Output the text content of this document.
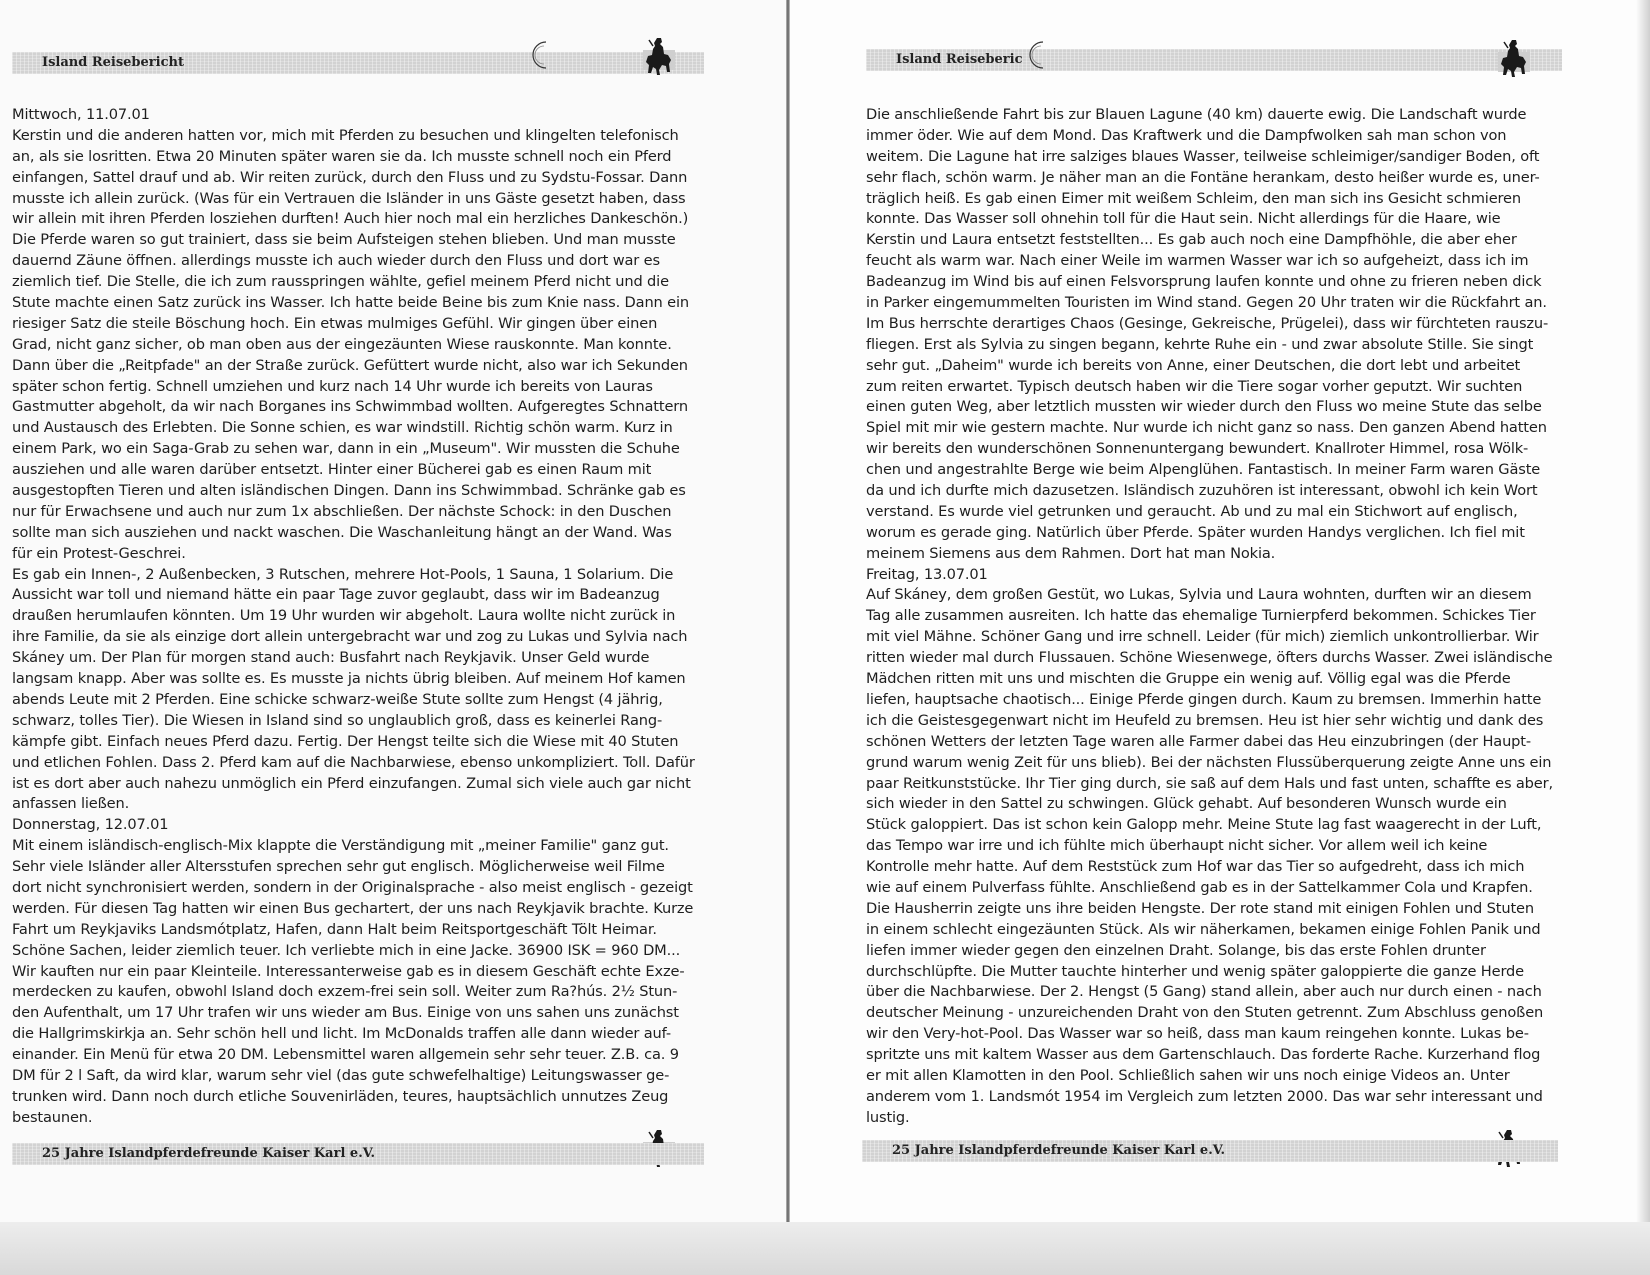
Island Reisebericht	Island Reiseberic
Mittwoch, 11.07.01
Kerstin und die anderen hatten vor, mich mit Pferden zu besuchen und klingelten telefonisch
an, als sie losritten. Etwa 20 Minuten später waren sie da. Ich musste schnell noch ein Pferd
einfangen, Sattel drauf und ab. Wir reiten zurück, durch den Fluss und zu Sydstu-Fossar. Dann
musste ich allein zurück. (Was für ein Vertrauen die Isländer in uns Gäste gesetzt haben, dass
wir allein mit ihren Pferden losziehen durften! Auch hier noch mal ein herzliches Dankeschön.)
Die Pferde waren so gut trainiert, dass sie beim Aufsteigen stehen blieben. Und man musste
dauernd Zäune öffnen. allerdings musste ich auch wieder durch den Fluss und dort war es
ziemlich tief. Die Stelle, die ich zum rausspringen wählte, gefiel meinem Pferd nicht und die
Stute machte einen Satz zurück ins Wasser. Ich hatte beide Beine bis zum Knie nass. Dann ein
riesiger Satz die steile Böschung hoch. Ein etwas mulmiges Gefühl. Wir gingen über einen
Grad, nicht ganz sicher, ob man oben aus der eingezäunten Wiese rauskonnte. Man konnte.
Dann über die „Reitpfade" an der Straße zurück. Gefüttert wurde nicht, also war ich Sekunden
später schon fertig. Schnell umziehen und kurz nach 14 Uhr wurde ich bereits von Lauras
Gastmutter abgeholt, da wir nach Borganes ins Schwimmbad wollten. Aufgeregtes Schnattern
und Austausch des Erlebten. Die Sonne schien, es war windstill. Richtig schön warm. Kurz in
einem Park, wo ein Saga-Grab zu sehen war, dann in ein „Museum". Wir mussten die Schuhe
ausziehen und alle waren darüber entsetzt. Hinter einer Bücherei gab es einen Raum mit
ausgestopften Tieren und alten isländischen Dingen. Dann ins Schwimmbad. Schränke gab es
nur für Erwachsene und auch nur zum 1x abschließen. Der nächste Schock: in den Duschen
sollte man sich ausziehen und nackt waschen. Die Waschanleitung hängt an der Wand. Was
für ein Protest-Geschrei.
Es gab ein Innen-, 2 Außenbecken, 3 Rutschen, mehrere Hot-Pools, 1 Sauna, 1 Solarium. Die
Aussicht war toll und niemand hätte ein paar Tage zuvor geglaubt, dass wir im Badeanzug
draußen herumlaufen könnten. Um 19 Uhr wurden wir abgeholt. Laura wollte nicht zurück in
ihre Familie, da sie als einzige dort allein untergebracht war und zog zu Lukas und Sylvia nach
Skáney um. Der Plan für morgen stand auch: Busfahrt nach Reykjavik. Unser Geld wurde
langsam knapp. Aber was sollte es. Es musste ja nichts übrig bleiben. Auf meinem Hof kamen
abends Leute mit 2 Pferden. Eine schicke schwarz-weiße Stute sollte zum Hengst (4 jährig,
schwarz, tolles Tier). Die Wiesen in Island sind so unglaublich groß, dass es keinerlei Rang-
kämpfe gibt. Einfach neues Pferd dazu. Fertig. Der Hengst teilte sich die Wiese mit 40 Stuten
und etlichen Fohlen. Dass 2. Pferd kam auf die Nachbarwiese, ebenso unkompliziert. Toll. Dafür
ist es dort aber auch nahezu unmöglich ein Pferd einzufangen. Zumal sich viele auch gar nicht
anfassen ließen.
Donnerstag, 12.07.01
Mit einem isländisch-englisch-Mix klappte die Verständigung mit „meiner Familie" ganz gut.
Sehr viele Isländer aller Altersstufen sprechen sehr gut englisch. Möglicherweise weil Filme
dort nicht synchronisiert werden, sondern in der Originalsprache - also meist englisch - gezeigt
werden. Für diesen Tag hatten wir einen Bus gechartert, der uns nach Reykjavik brachte. Kurze
Fahrt um Reykjaviks Landsmótplatz, Hafen, dann Halt beim Reitsportgeschäft Tölt Heimar.
Schöne Sachen, leider ziemlich teuer. Ich verliebte mich in eine Jacke. 36900 ISK = 960 DM...
Wir kauften nur ein paar Kleinteile. Interessanterweise gab es in diesem Geschäft echte Exze-
merdecken zu kaufen, obwohl Island doch exzem-frei sein soll. Weiter zum Ra?hús. 2½ Stun-
den Aufenthalt, um 17 Uhr trafen wir uns wieder am Bus. Einige von uns sahen uns zunächst
die Hallgrimskirkja an. Sehr schön hell und licht. Im McDonalds traffen alle dann wieder auf-
einander. Ein Menü für etwa 20 DM. Lebensmittel waren allgemein sehr sehr teuer. Z.B. ca. 9
DM für 2 l Saft, da wird klar, warum sehr viel (das gute schwefelhaltige) Leitungswasser ge-
trunken wird. Dann noch durch etliche Souvenirläden, teures, hauptsächlich unnutzes Zeug
bestaunen.
Die anschließende Fahrt bis zur Blauen Lagune (40 km) dauerte ewig. Die Landschaft wurde
immer öder. Wie auf dem Mond. Das Kraftwerk und die Dampfwolken sah man schon von
weitem. Die Lagune hat irre salziges blaues Wasser, teilweise schleimiger/sandiger Boden, oft
sehr flach, schön warm. Je näher man an die Fontäne herankam, desto heißer wurde es, uner-
träglich heiß. Es gab einen Eimer mit weißem Schleim, den man sich ins Gesicht schmieren
konnte. Das Wasser soll ohnehin toll für die Haut sein. Nicht allerdings für die Haare, wie
Kerstin und Laura entsetzt feststellten... Es gab auch noch eine Dampfhöhle, die aber eher
feucht als warm war. Nach einer Weile im warmen Wasser war ich so aufgeheizt, dass ich im
Badeanzug im Wind bis auf einen Felsvorsprung laufen konnte und ohne zu frieren neben dick
in Parker eingemummelten Touristen im Wind stand. Gegen 20 Uhr traten wir die Rückfahrt an.
Im Bus herrschte derartiges Chaos (Gesinge, Gekreische, Prügelei), dass wir fürchteten rauszu-
fliegen. Erst als Sylvia zu singen begann, kehrte Ruhe ein - und zwar absolute Stille. Sie singt
sehr gut. „Daheim" wurde ich bereits von Anne, einer Deutschen, die dort lebt und arbeitet
zum reiten erwartet. Typisch deutsch haben wir die Tiere sogar vorher geputzt. Wir suchten
einen guten Weg, aber letztlich mussten wir wieder durch den Fluss wo meine Stute das selbe
Spiel mit mir wie gestern machte. Nur wurde ich nicht ganz so nass. Den ganzen Abend hatten
wir bereits den wunderschönen Sonnenuntergang bewundert. Knallroter Himmel, rosa Wölk-
chen und angestrahlte Berge wie beim Alpenglühen. Fantastisch. In meiner Farm waren Gäste
da und ich durfte mich dazusetzen. Isländisch zuzuhören ist interessant, obwohl ich kein Wort
verstand. Es wurde viel getrunken und geraucht. Ab und zu mal ein Stichwort auf englisch,
worum es gerade ging. Natürlich über Pferde. Später wurden Handys verglichen. Ich fiel mit
meinem Siemens aus dem Rahmen. Dort hat man Nokia.
Freitag, 13.07.01
Auf Skáney, dem großen Gestüt, wo Lukas, Sylvia und Laura wohnten, durften wir an diesem
Tag alle zusammen ausreiten. Ich hatte das ehemalige Turnierpferd bekommen. Schickes Tier
mit viel Mähne. Schöner Gang und irre schnell. Leider (für mich) ziemlich unkontrollierbar. Wir
ritten wieder mal durch Flussauen. Schöne Wiesenwege, öfters durchs Wasser. Zwei isländische
Mädchen ritten mit uns und mischten die Gruppe ein wenig auf. Völlig egal was die Pferde
liefen, hauptsache chaotisch... Einige Pferde gingen durch. Kaum zu bremsen. Immerhin hatte
ich die Geistesgegenwart nicht im Heufeld zu bremsen. Heu ist hier sehr wichtig und dank des
schönen Wetters der letzten Tage waren alle Farmer dabei das Heu einzubringen (der Haupt-
grund warum wenig Zeit für uns blieb). Bei der nächsten Flussüberquerung zeigte Anne uns ein
paar Reitkunststücke. Ihr Tier ging durch, sie saß auf dem Hals und fast unten, schaffte es aber,
sich wieder in den Sattel zu schwingen. Glück gehabt. Auf besonderen Wunsch wurde ein
Stück galoppiert. Das ist schon kein Galopp mehr. Meine Stute lag fast waagerecht in der Luft,
das Tempo war irre und ich fühlte mich überhaupt nicht sicher. Vor allem weil ich keine
Kontrolle mehr hatte. Auf dem Reststück zum Hof war das Tier so aufgedreht, dass ich mich
wie auf einem Pulverfass fühlte. Anschließend gab es in der Sattelkammer Cola und Krapfen.
Die Hausherrin zeigte uns ihre beiden Hengste. Der rote stand mit einigen Fohlen und Stuten
in einem schlecht eingezäunten Stück. Als wir näherkamen, bekamen einige Fohlen Panik und
liefen immer wieder gegen den einzelnen Draht. Solange, bis das erste Fohlen drunter
durchschlüpfte. Die Mutter tauchte hinterher und wenig später galoppierte die ganze Herde
über die Nachbarwiese. Der 2. Hengst (5 Gang) stand allein, aber auch nur durch einen - nach
deutscher Meinung - unzureichenden Draht von den Stuten getrennt. Zum Abschluss genoßen
wir den Very-hot-Pool. Das Wasser war so heiß, dass man kaum reingehen konnte. Lukas be-
spritzte uns mit kaltem Wasser aus dem Gartenschlauch. Das forderte Rache. Kurzerhand flog
er mit allen Klamotten in den Pool. Schließlich sahen wir uns noch einige Videos an. Unter
anderem vom 1. Landsmót 1954 im Vergleich zum letzten 2000. Das war sehr interessant und
lustig.
25 Jahre Islandpferdefreunde Kaiser Karl e.V.	25 Jahre Islandpferdefreunde Kaiser Karl e.V.
